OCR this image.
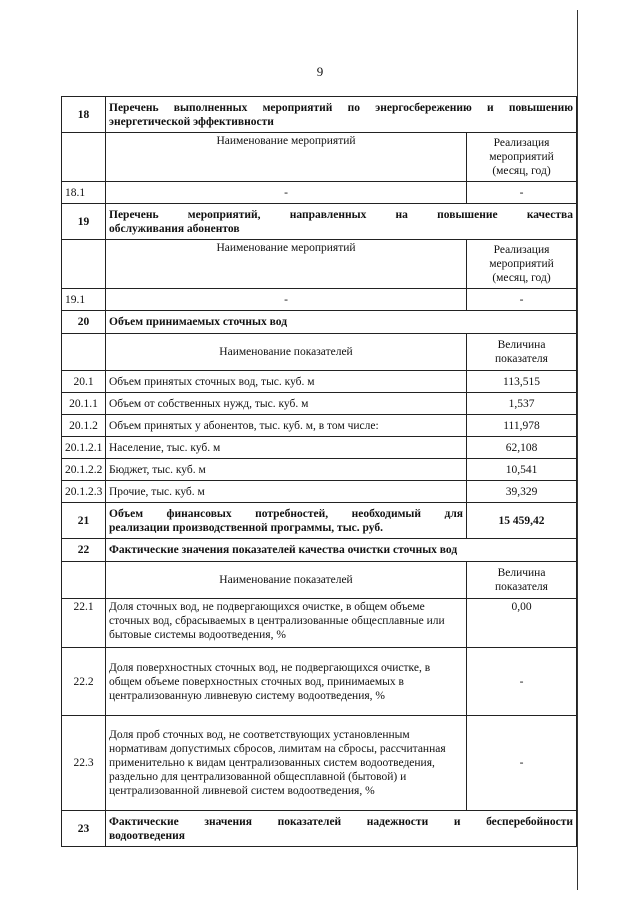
9
18	Перечень выполненных мероприятий по энергосбережению и повышению
энергетической эффективности	
	Наименование мероприятий	Реализация мероприятий (месяц, год)
18.1	-	-
19	Перечень мероприятий, направленных на повышение качества
обслуживания абонентов	
	Наименование мероприятий	Реализация мероприятий (месяц, год)
19.1	-	-
20	Объем принимаемых сточных вод	
	Наименование показателей	Величина показателя
20.1	Объем принятых сточных вод, тыс. куб. м	113,515
20.1.1	Объем от собственных нужд, тыс. куб. м	1,537
20.1.2	Объем принятых у абонентов, тыс. куб. м, в том числе:	111,978
20.1.2.1	Население, тыс. куб. м	62,108
20.1.2.2	Бюджет, тыс. куб. м	10,541
20.1.2.3	Прочие, тыс. куб. м	39,329
21	Объем финансовых потребностей, необходимый для
реализации производственной программы, тыс. руб.	15 459,42
22	Фактические значения показателей качества очистки сточных вод	
	Наименование показателей	Величина показателя
22.1	Доля сточных вод, не подвергающихся очистке, в общем объеме сточных вод, сбрасываемых в централизованные общесплавные или бытовые системы водоотведения, %	0,00
22.2	Доля поверхностных сточных вод, не подвергающихся очистке, в общем объеме поверхностных сточных вод, принимаемых в централизованную ливневую систему водоотведения, %	-
22.3	Доля проб сточных вод, не соответствующих установленным нормативам допустимых сбросов, лимитам на сбросы, рассчитанная применительно к видам централизованных систем водоотведения, раздельно для централизованной общесплавной (бытовой) и централизованной ливневой систем водоотведения, %	-
23	Фактические значения показателей надежности и бесперебойности
водоотведения	
